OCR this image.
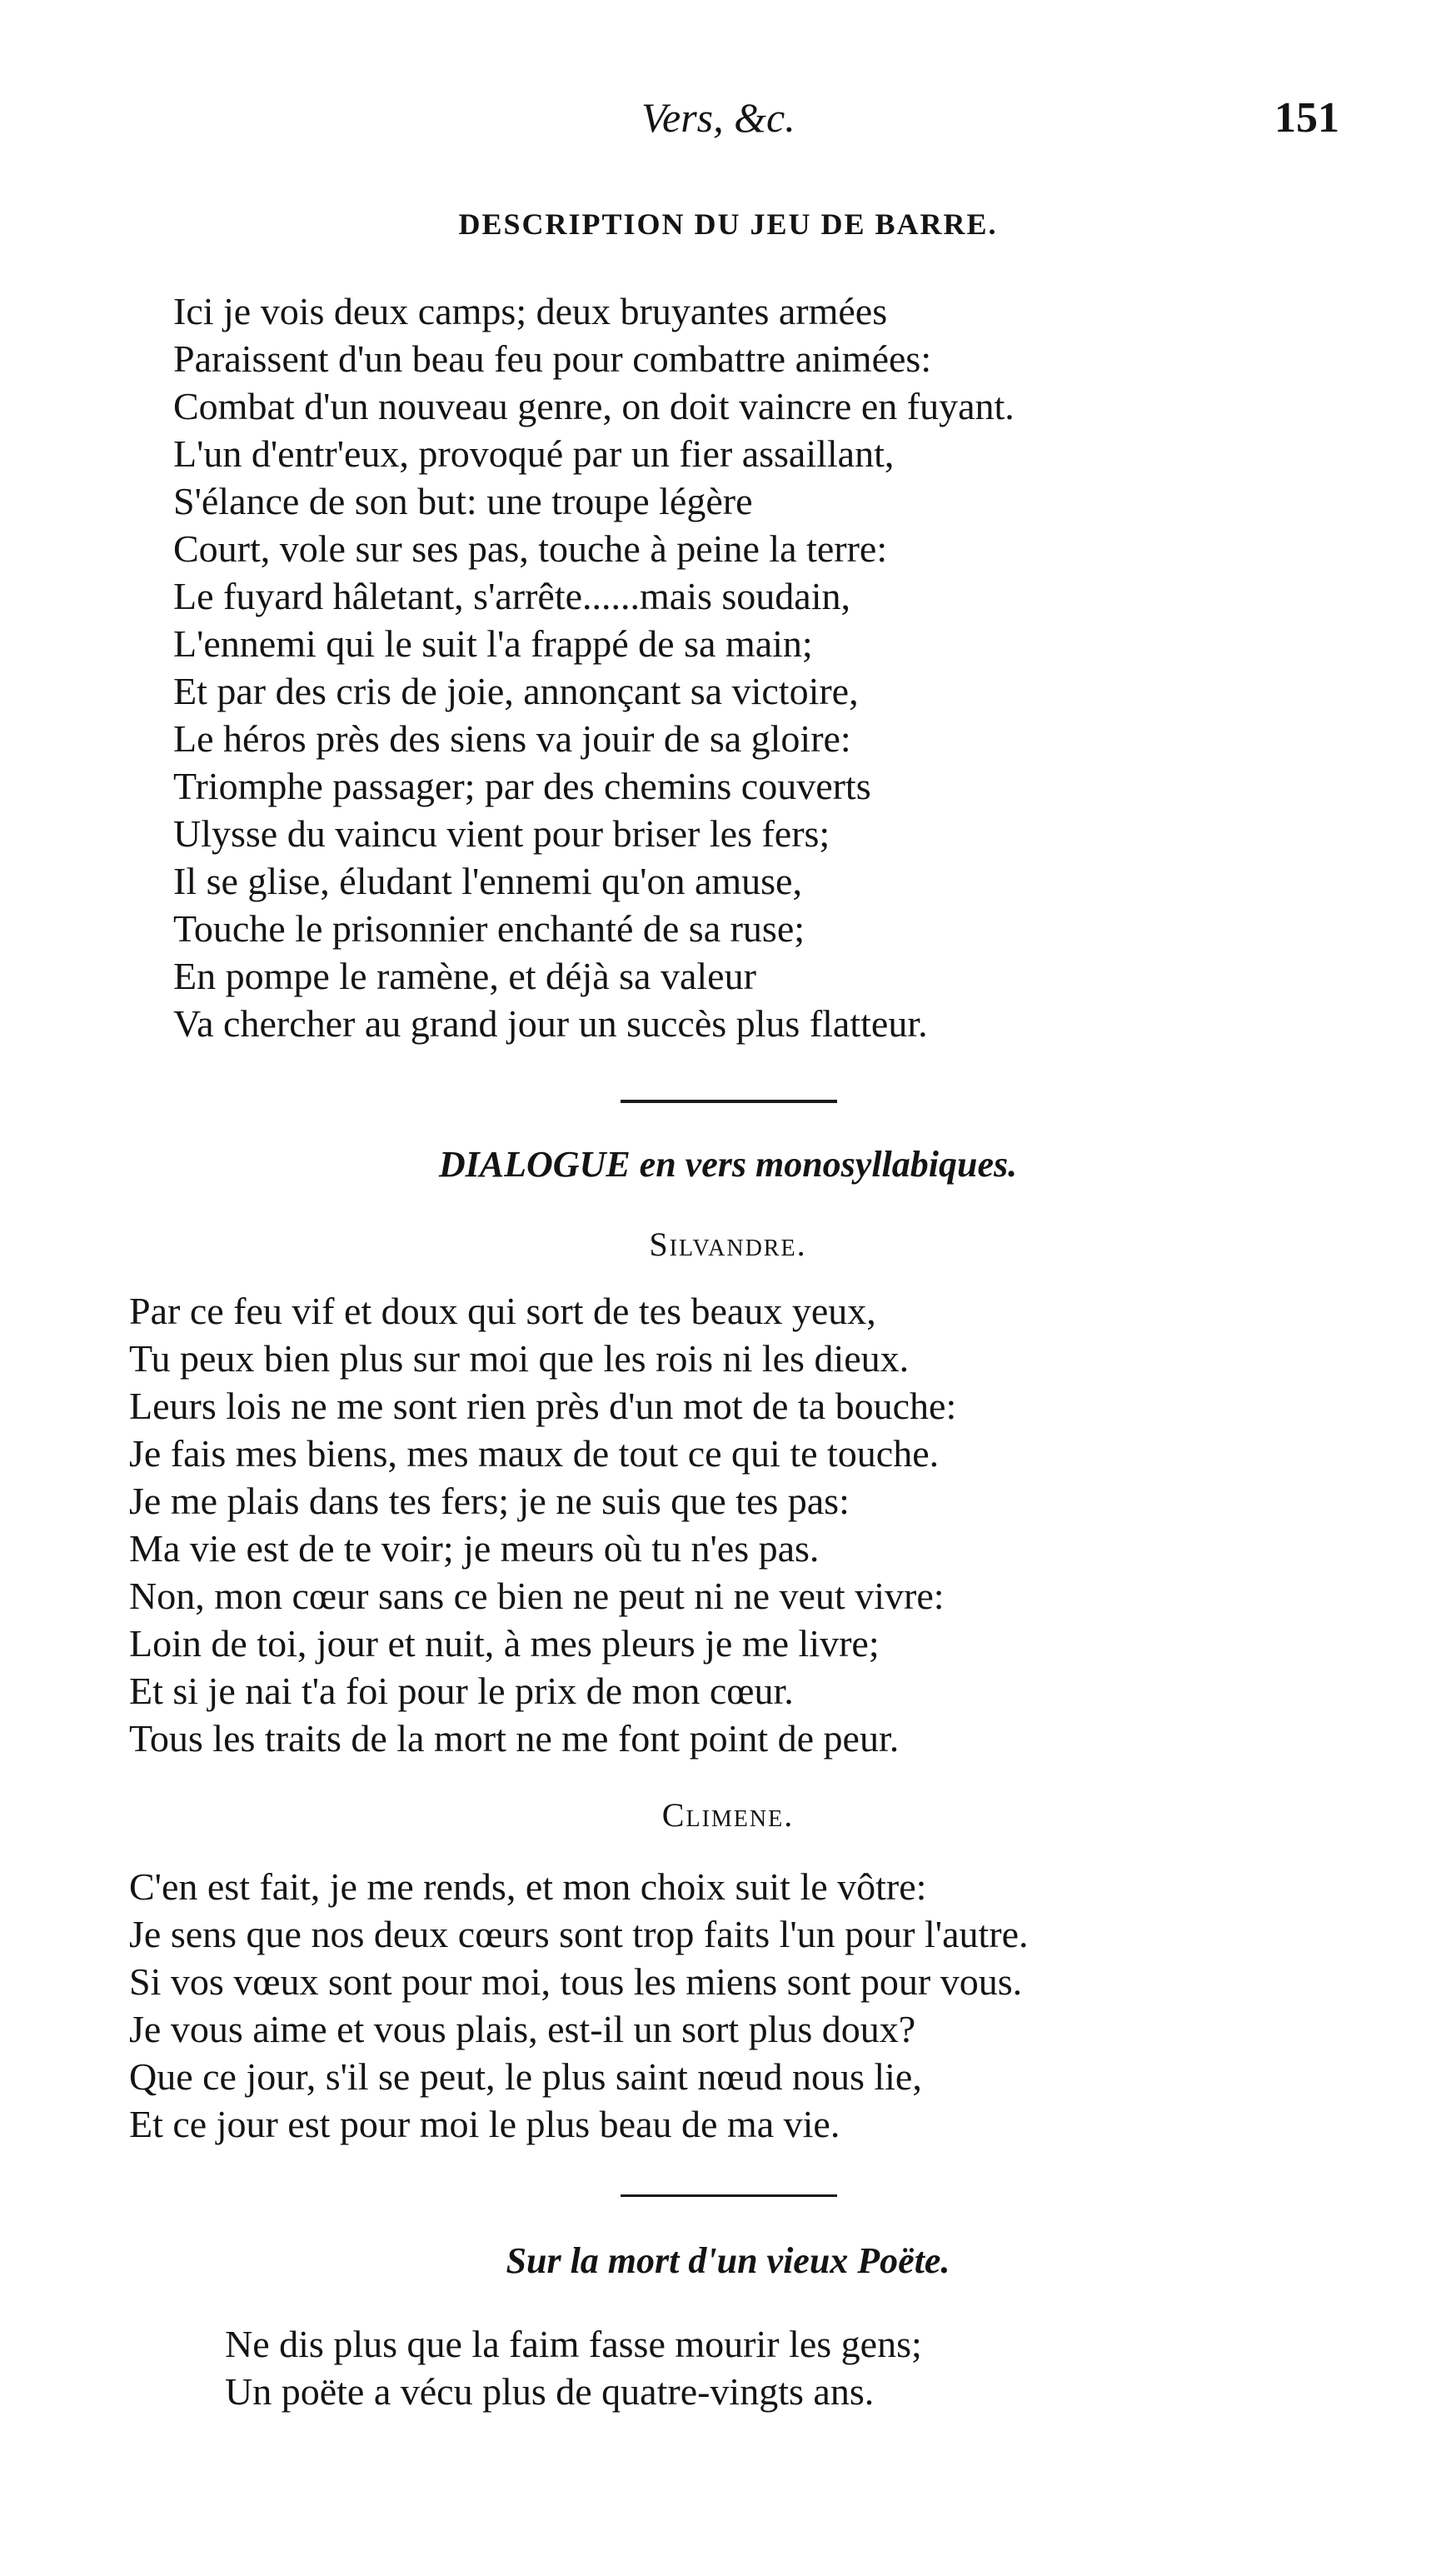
Vers, &c.	151
DESCRIPTION DU JEU DE BARRE.
Ici je vois deux camps; deux bruyantes armées
Paraissent d'un beau feu pour combattre animées:
Combat d'un nouveau genre, on doit vaincre en fuyant.
L'un d'entr'eux, provoqué par un fier assaillant,
S'élance de son but: une troupe légère
Court, vole sur ses pas, touche à peine la terre:
Le fuyard hâletant, s'arrête......mais soudain,
L'ennemi qui le suit l'a frappé de sa main;
Et par des cris de joie, annonçant sa victoire,
Le héros près des siens va jouir de sa gloire:
Triomphe passager; par des chemins couverts
Ulysse du vaincu vient pour briser les fers;
Il se glise, éludant l'ennemi qu'on amuse,
Touche le prisonnier enchanté de sa ruse;
En pompe le ramène, et déjà sa valeur
Va chercher au grand jour un succès plus flatteur.
DIALOGUE en vers monosyllabiques.
Silvandre.
Par ce feu vif et doux qui sort de tes beaux yeux,
Tu peux bien plus sur moi que les rois ni les dieux.
Leurs lois ne me sont rien près d'un mot de ta bouche:
Je fais mes biens, mes maux de tout ce qui te touche.
Je me plais dans tes fers; je ne suis que tes pas:
Ma vie est de te voir; je meurs où tu n'es pas.
Non, mon cœur sans ce bien ne peut ni ne veut vivre:
Loin de toi, jour et nuit, à mes pleurs je me livre;
Et si je nai t'a foi pour le prix de mon cœur.
Tous les traits de la mort ne me font point de peur.
Climene.
C'en est fait, je me rends, et mon choix suit le vôtre:
Je sens que nos deux cœurs sont trop faits l'un pour l'autre.
Si vos vœux sont pour moi, tous les miens sont pour vous.
Je vous aime et vous plais, est-il un sort plus doux?
Que ce jour, s'il se peut, le plus saint nœud nous lie,
Et ce jour est pour moi le plus beau de ma vie.
Sur la mort d'un vieux Poëte.
Ne dis plus que la faim fasse mourir les gens;
Un poëte a vécu plus de quatre-vingts ans.
